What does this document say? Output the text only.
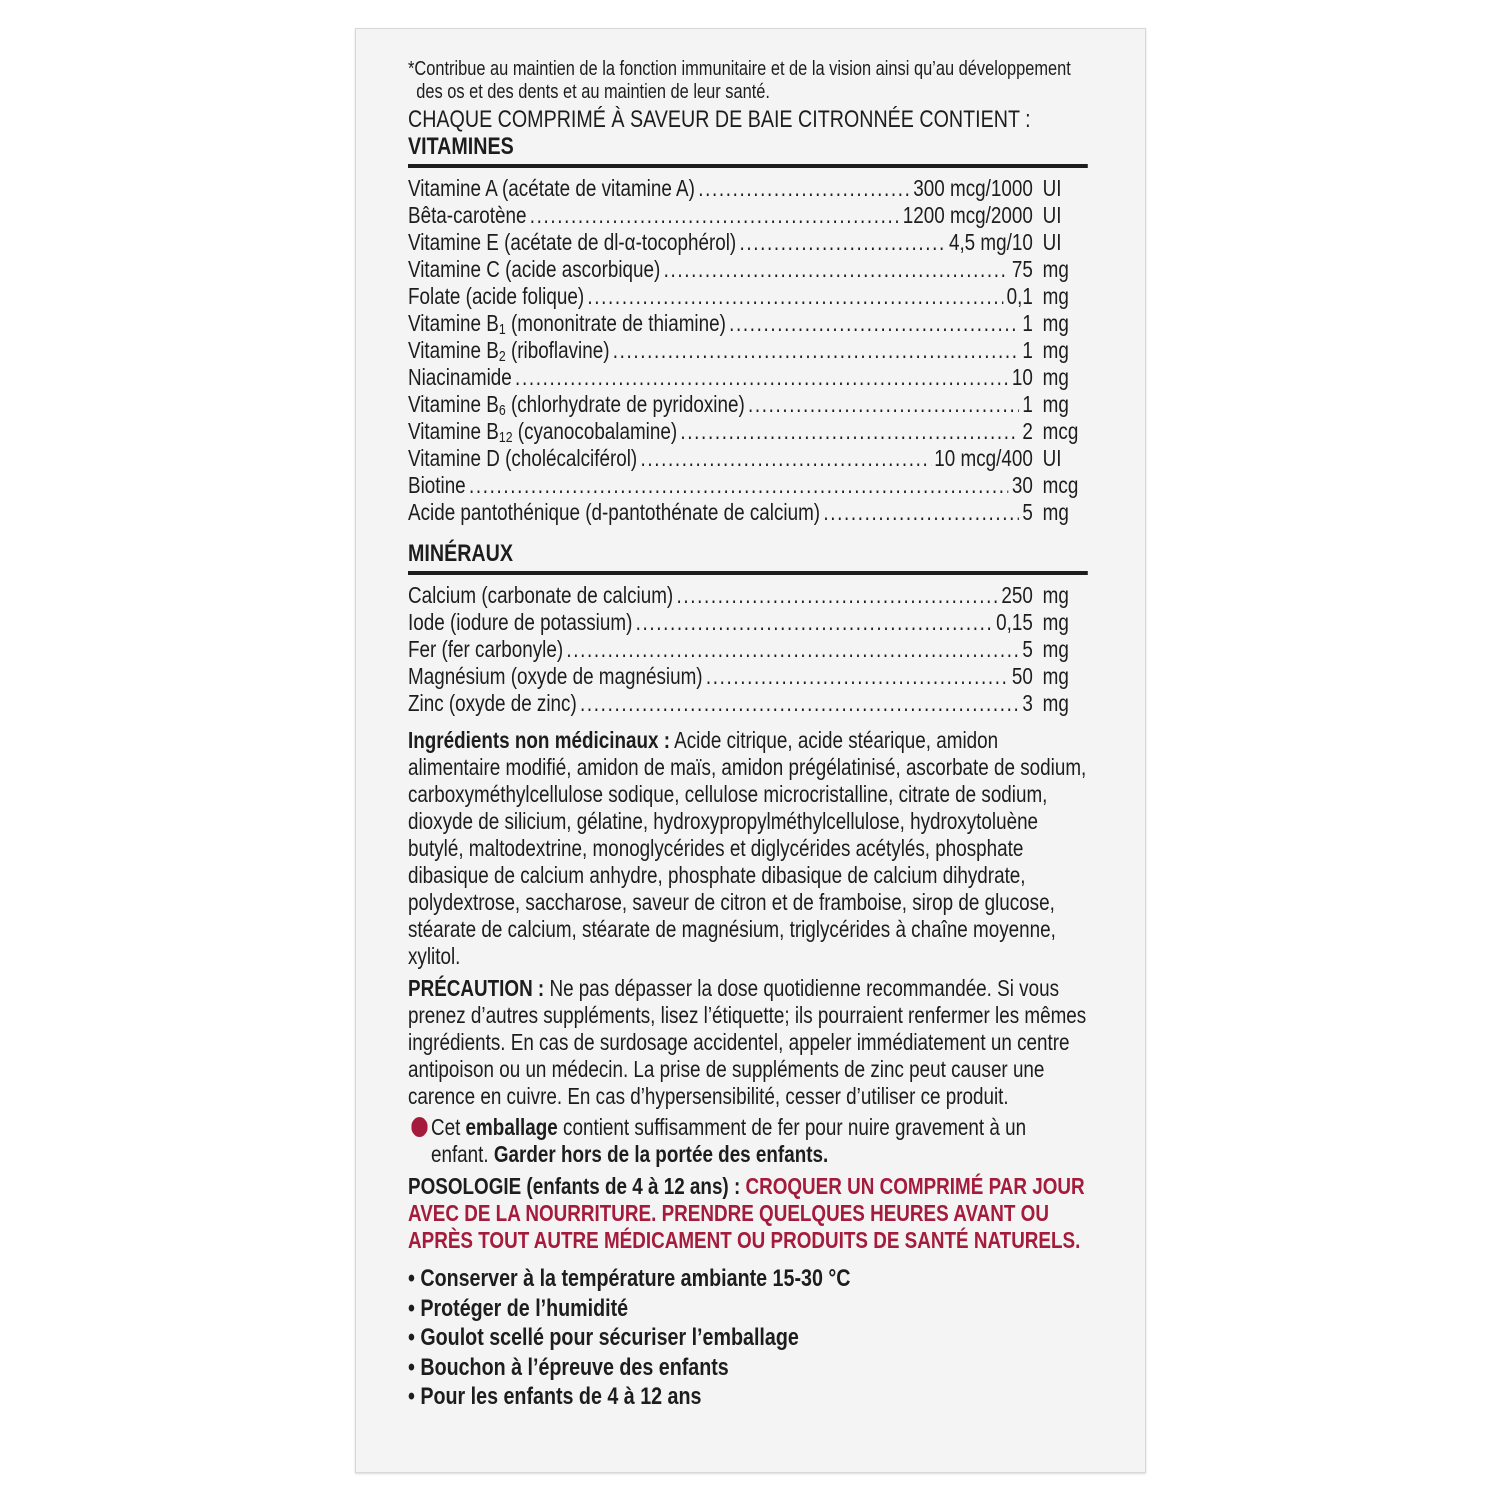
*Contribue au maintien de la fonction immunitaire et de la vision ainsi qu’au développement
des os et des dents et au maintien de leur santé.
CHAQUE COMPRIMÉ À SAVEUR DE BAIE CITRONNÉE CONTIENT :
VITAMINES
Vitamine A (acétate de vitamine A) .....	300 mcg/1000 UI
Bêta-carotène .....	1200 mcg/2000 UI
Vitamine E (acétate de dl-α-tocophérol) .....	4,5 mg/10 UI
Vitamine C (acide ascorbique) .....	75 mg
Folate (acide folique) .....	0,1 mg
Vitamine $B_1$ (mononitrate de thiamine) .....	1 mg
Vitamine $B_2$ (riboflavine) .....	1 mg
Niacinamide .....	10 mg
Vitamine $B_6$ (chlorhydrate de pyridoxine) .....	1 mg
Vitamine $B_{12}$ (cyanocobalamine) .....	2 mcg
Vitamine D (cholécalciférol) .....	10 mcg/400 UI
Biotine .....	30 mcg
Acide pantothénique (d-pantothénate de calcium) .....	5 mg
MINÉRAUX
Calcium (carbonate de calcium) .....	250 mg
Iode (iodure de potassium) .....	0,15 mg
Fer (fer carbonyle) .....	5 mg
Magnésium (oxyde de magnésium) .....	50 mg
Zinc (oxyde de zinc) .....	3 mg

Ingrédients non médicinaux : Acide citrique, acide stéarique, amidon alimentaire modifié, amidon de maïs, amidon prégélatinisé, ascorbate de sodium, carboxyméthylcellulose sodique, cellulose microcristalline, citrate de sodium, dioxyde de silicium, gélatine, hydroxypropylméthylcellulose, hydroxytoluène butylé, maltodextrine, monoglycérides et diglycérides acétylés, phosphate dibasique de calcium anhydre, phosphate dibasique de calcium dihydrate, polydextrose, saccharose, saveur de citron et de framboise, sirop de glucose, stéarate de calcium, stéarate de magnésium, triglycérides à chaîne moyenne, xylitol.

PRÉCAUTION : Ne pas dépasser la dose quotidienne recommandée. Si vous prenez d’autres suppléments, lisez l’étiquette; ils pourraient renfermer les mêmes ingrédients. En cas de surdosage accidentel, appeler immédiatement un centre antipoison ou un médecin. La prise de suppléments de zinc peut causer une carence en cuivre. En cas d’hypersensibilité, cesser d’utiliser ce produit.

Cet emballage contient suffisamment de fer pour nuire gravement à un enfant. Garder hors de la portée des enfants.

POSOLOGIE (enfants de 4 à 12 ans) : CROQUER UN COMPRIMÉ PAR JOUR AVEC DE LA NOURRITURE. PRENDRE QUELQUES HEURES AVANT OU APRÈS TOUT AUTRE MÉDICAMENT OU PRODUITS DE SANTÉ NATURELS.

• Conserver à la température ambiante 15-30 °C
• Protéger de l’humidité
• Goulot scellé pour sécuriser l’emballage
• Bouchon à l’épreuve des enfants
• Pour les enfants de 4 à 12 ans
